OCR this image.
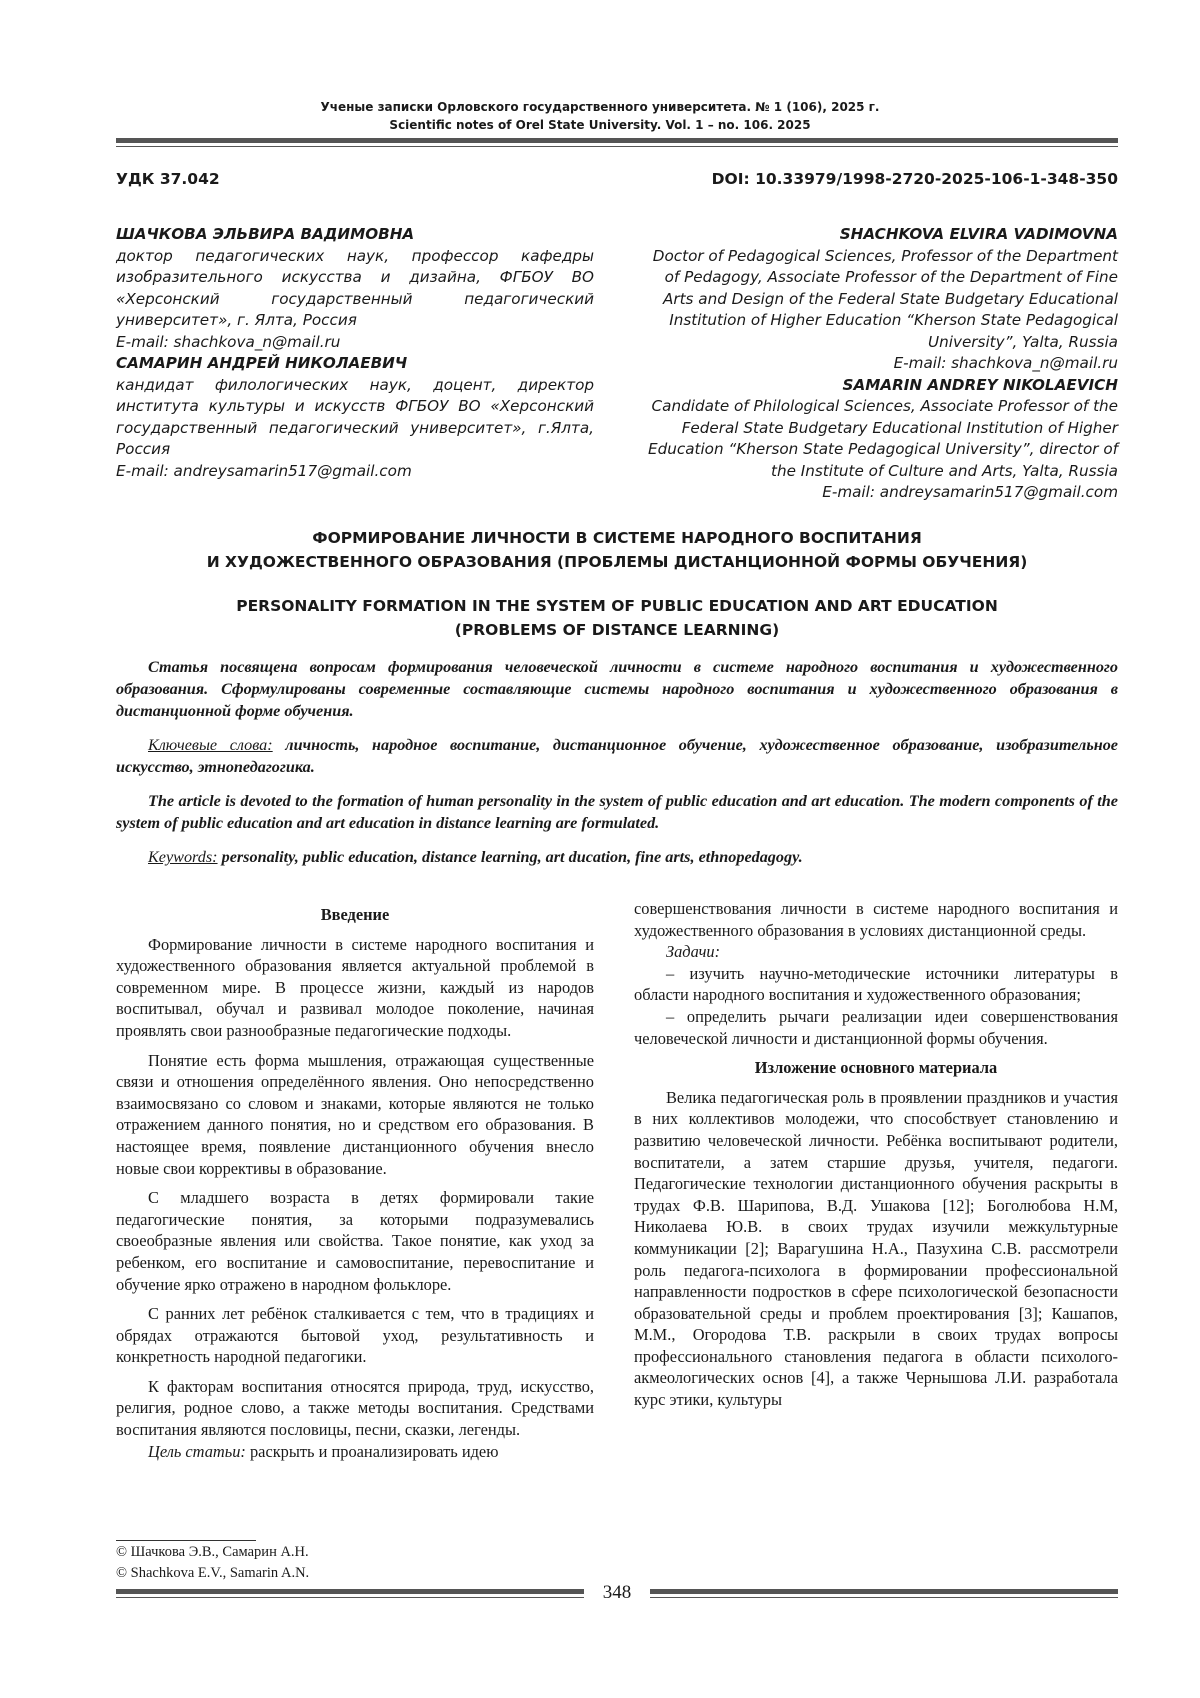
Ученые записки Орловского государственного университета. № 1 (106), 2025 г.
Scientific notes of Orel State University. Vol. 1 – no. 106. 2025
УДК 37.042	DOI: 10.33979/1998-2720-2025-106-1-348-350

ШАЧКОВА ЭЛЬВИРА ВАДИМОВНА

доктор педагогических наук, профессор кафедры изобразительного искусства и дизайна, ФГБОУ ВО «Херсонский государственный педагогический университет», г. Ялта, Россия

E-mail: shachkova_n@mail.ru

САМАРИН АНДРЕЙ НИКОЛАЕВИЧ

кандидат филологических наук, доцент, директор института культуры и искусств ФГБОУ ВО «Херсонский государственный педагогический университет», г.Ялта, Россия

E-mail: andreysamarin517@gmail.com

SHACHKOVA ELVIRA VADIMOVNA

Doctor of Pedagogical Sciences, Professor of the Department of Pedagogy, Associate Professor of the Department of Fine Arts and Design of the Federal State Budgetary Educational Institution of Higher Education “Kherson State Pedagogical University”, Yalta, Russia

E-mail: shachkova_n@mail.ru

SAMARIN ANDREY NIKOLAEVICH

Candidate of Philological Sciences, Associate Professor of the Federal State Budgetary Educational Institution of Higher Education “Kherson State Pedagogical University”, director of the Institute of Culture and Arts, Yalta, Russia

E-mail: andreysamarin517@gmail.com

ФОРМИРОВАНИЕ ЛИЧНОСТИ В СИСТЕМЕ НАРОДНОГО ВОСПИТАНИЯ
И ХУДОЖЕСТВЕННОГО ОБРАЗОВАНИЯ (ПРОБЛЕМЫ ДИСТАНЦИОННОЙ ФОРМЫ ОБУЧЕНИЯ)
PERSONALITY FORMATION IN THE SYSTEM OF PUBLIC EDUCATION AND ART EDUCATION
(PROBLEMS OF DISTANCE LEARNING)

Статья посвящена вопросам формирования человеческой личности в системе народного воспитания и художественного образования. Сформулированы современные составляющие системы народного воспитания и художественного образования в дистанционной форме обучения.

Ключевые слова: личность, народное воспитание, дистанционное обучение, художественное образование, изобразительное искусство, этнопедагогика.

The article is devoted to the formation of human personality in the system of public education and art education. The modern components of the system of public education and art education in distance learning are formulated.

Keywords: personality, public education, distance learning, art ducation, fine arts, ethnopedagogy.

Введение

Формирование личности в системе народного воспитания и художественного образования является актуальной проблемой в современном мире. В процессе жизни, каждый из народов воспитывал, обучал и развивал молодое поколение, начиная проявлять свои разнообразные педагогические подходы.

Понятие есть форма мышления, отражающая существенные связи и отношения определённого явления. Оно непосредственно взаимосвязано со словом и знаками, которые являются не только отражением данного понятия, но и средством его образования. В настоящее время, появление дистанционного обучения внесло новые свои коррективы в образование.

С младшего возраста в детях формировали такие педагогические понятия, за которыми подразумевались своеобразные явления или свойства. Такое понятие, как уход за ребенком, его воспитание и самовоспитание, перевоспитание и обучение ярко отражено в народном фольклоре.

С ранних лет ребёнок сталкивается с тем, что в традициях и обрядах отражаются бытовой уход, результативность и конкретность народной педагогики.

К факторам воспитания относятся природа, труд, искусство, религия, родное слово, а также методы воспитания. Средствами воспитания являются пословицы, песни, сказки, легенды.

Цель статьи: раскрыть и проанализировать идею

совершенствования личности в системе народного воспитания и художественного образования в условиях дистанционной среды.

Задачи:

– изучить научно-методические источники литературы в области народного воспитания и художественного образования;

– определить рычаги реализации идеи совершенствования человеческой личности и дистанционной формы обучения.

Изложение основного материала

Велика педагогическая роль в проявлении праздников и участия в них коллективов молодежи, что способствует становлению и развитию человеческой личности. Ребёнка воспитывают родители, воспитатели, а затем старшие друзья, учителя, педагоги. Педагогические технологии дистанционного обучения раскрыты в трудах Ф.В. Шарипова, В.Д. Ушакова [12]; Боголюбова Н.М, Николаева Ю.В. в своих трудах изучили межкультурные коммуникации [2]; Варагушина Н.А., Пазухина С.В. рассмотрели роль педагога-психолога в формировании профессиональной направленности подростков в сфере психологической безопасности образовательной среды и проблем проектирования [3]; Кашапов, М.М., Огородова Т.В. раскрыли в своих трудах вопросы профессионального становления педагога в области психолого-акмеологических основ [4], а также Чернышова Л.И. разработала курс этики, культуры

© Шачкова Э.В., Самарин А.Н.
© Shachkova E.V., Samarin A.N.
348
